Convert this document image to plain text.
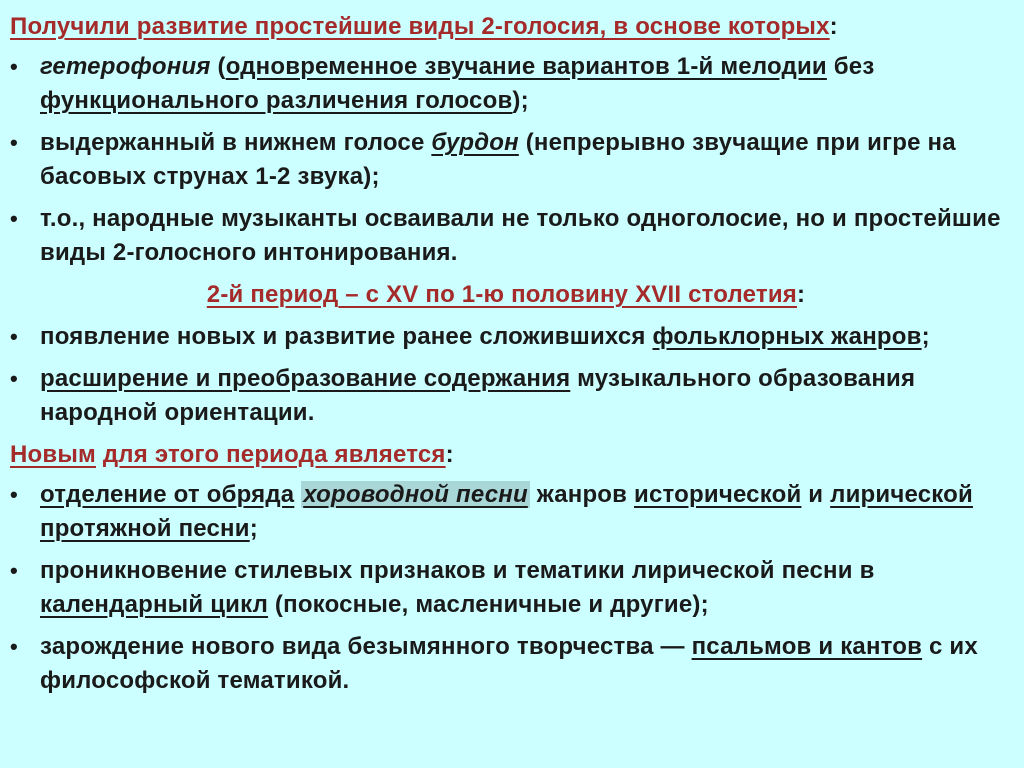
Получили развитие простейшие виды 2-голосия, в основе которых:
• гетерофония (одновременное звучание вариантов 1-й мелодии без функционального различения голосов);
• выдержанный в нижнем голосе бурдон (непрерывно звучащие при игре на басовых струнах 1-2 звука);
• т.о., народные музыканты осваивали не только одноголосие, но и простейшие виды 2-голосного интонирования.
2-й период – с XV по 1-ю половину XVII столетия:
• появление новых и развитие ранее сложившихся фольклорных жанров;
• расширение и преобразование содержания музыкального образования народной ориентации.
Новым для этого периода является:
• отделение от обряда хороводной песни жанров исторической и лирической протяжной песни;
• проникновение стилевых признаков и тематики лирической песни в календарный цикл (покосные, масленичные и другие);
• зарождение нового вида безымянного творчества — псальмов и кантов с их философской тематикой.
